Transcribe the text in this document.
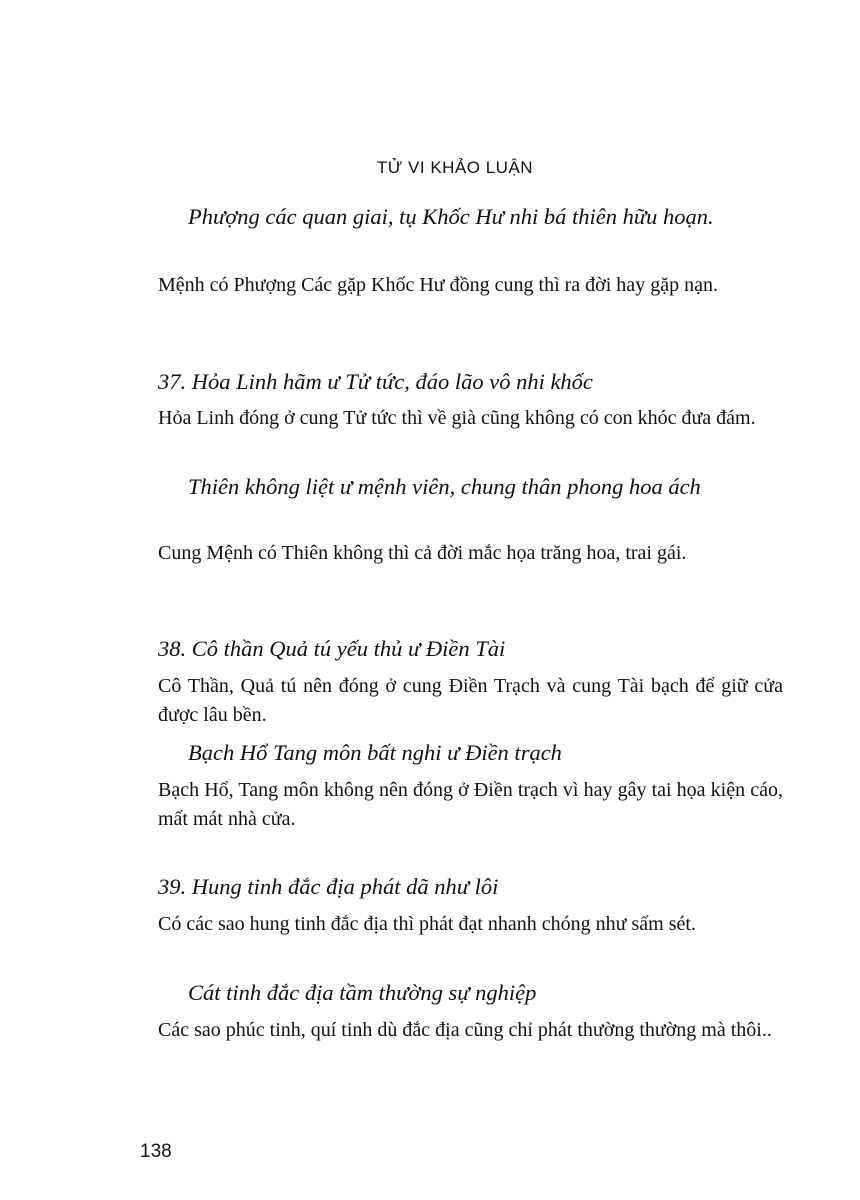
TỬ VI KHẢO LUẬN

Phượng các quan giai, tụ Khốc Hư nhi bá thiên hữu hoạn.

Mệnh có Phượng Các gặp Khốc Hư đồng cung thì ra đời hay gặp nạn.

37. Hỏa Linh hãm ư Tử tức, đáo lão vô nhi khốc

Hỏa Linh đóng ở cung Tử tức thì về già cũng không có con khóc đưa đám.

Thiên không liệt ư mệnh viên, chung thân phong hoa ách

Cung Mệnh có Thiên không thì cả đời mắc họa trăng hoa, trai gái.

38. Cô thần Quả tú yếu thủ ư Điền Tài

Cô Thần, Quả tú nên đóng ở cung Điền Trạch và cung Tài bạch để giữ cửa được lâu bền.

Bạch Hổ Tang môn bất nghi ư Điền trạch

Bạch Hổ, Tang môn không nên đóng ở Điền trạch vì hay gây tai họa kiện cáo, mất mát nhà cửa.

39. Hung tinh đắc địa phát dã như lôi

Có các sao hung tinh đắc địa thì phát đạt nhanh chóng như sấm sét.

Cát tinh đắc địa tầm thường sự nghiệp

Các sao phúc tinh, quí tinh dù đắc địa cũng chỉ phát thường thường mà thôi..

138
